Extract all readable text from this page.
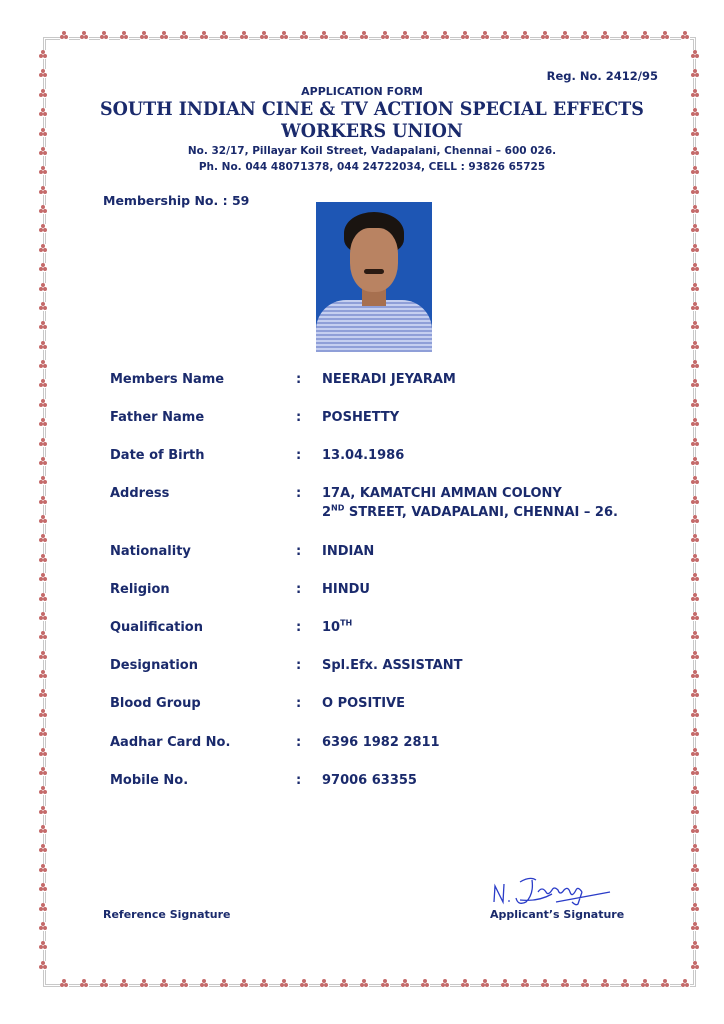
Reg. No. 2412/95
APPLICATION FORM
SOUTH INDIAN CINE & TV ACTION SPECIAL EFFECTS
WORKERS UNION
No. 32/17, Pillayar Koil Street, Vadapalani, Chennai – 600 026.
Ph. No. 044 48071378, 044 24722034, CELL : 93826 65725
Membership No. : 59
Members Name	: NEERADI JEYARAM
Father Name	: POSHETTY
Date of Birth	: 13.04.1986
Address	: 17A, KAMATCHI AMMAN COLONY
2ND STREET, VADAPALANI, CHENNAI – 26.
Nationality	: INDIAN
Religion	: HINDU
Qualification	: 10TH
Designation	: Spl.Efx. ASSISTANT
Blood Group	: O POSITIVE
Aadhar Card No.	: 6396 1982 2811
Mobile No.	: 97006 63355
Reference Signature	Applicant’s Signature
